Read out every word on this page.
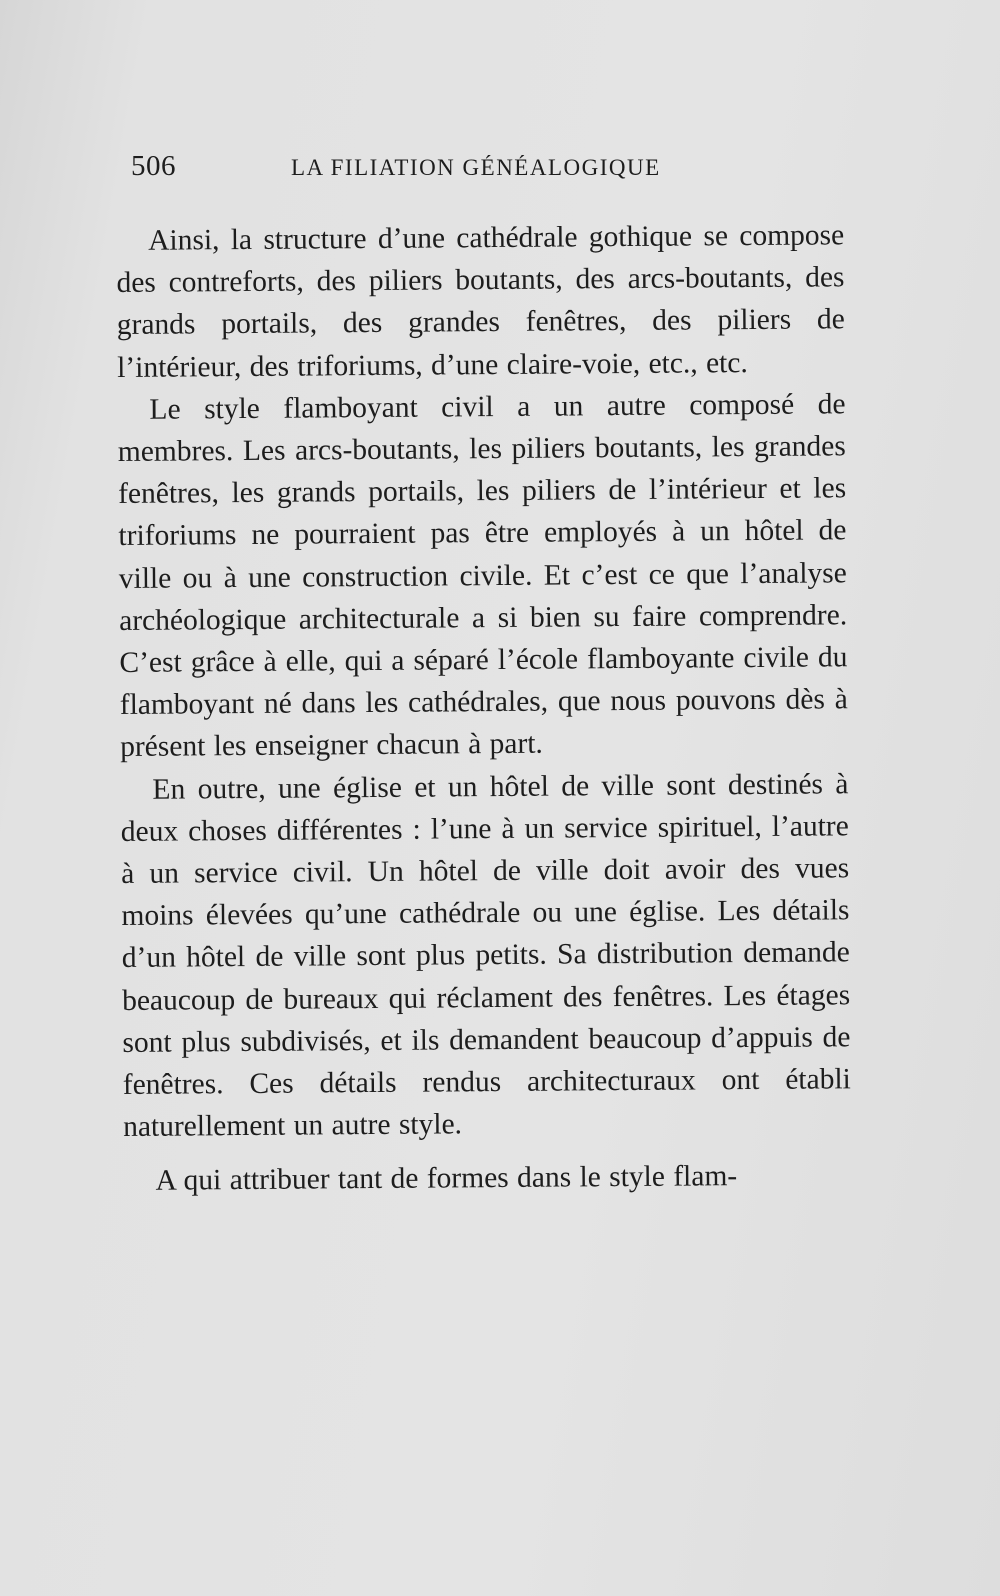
506	LA FILIATION GÉNÉALOGIQUE

Ainsi, la structure d’une cathédrale gothique se compose des contreforts, des piliers boutants, des arcs-boutants, des grands portails, des grandes fenêtres, des piliers de l’intérieur, des triforiums, d’une claire-voie, etc., etc.

Le style flamboyant civil a un autre composé de membres. Les arcs-boutants, les piliers boutants, les grandes fenêtres, les grands portails, les piliers de l’intérieur et les triforiums ne pourraient pas être employés à un hôtel de ville ou à une construction civile. Et c’est ce que l’analyse archéologique architecturale a si bien su faire comprendre. C’est grâce à elle, qui a séparé l’école flamboyante civile du flamboyant né dans les cathédrales, que nous pouvons dès à présent les enseigner chacun à part.

En outre, une église et un hôtel de ville sont destinés à deux choses différentes : l’une à un service spirituel, l’autre à un service civil. Un hôtel de ville doit avoir des vues moins élevées qu’une cathédrale ou une église. Les détails d’un hôtel de ville sont plus petits. Sa distribution demande beaucoup de bureaux qui réclament des fenêtres. Les étages sont plus subdivisés, et ils demandent beaucoup d’appuis de fenêtres. Ces détails rendus architecturaux ont établi naturellement un autre style.

A qui attribuer tant de formes dans le style flam-
